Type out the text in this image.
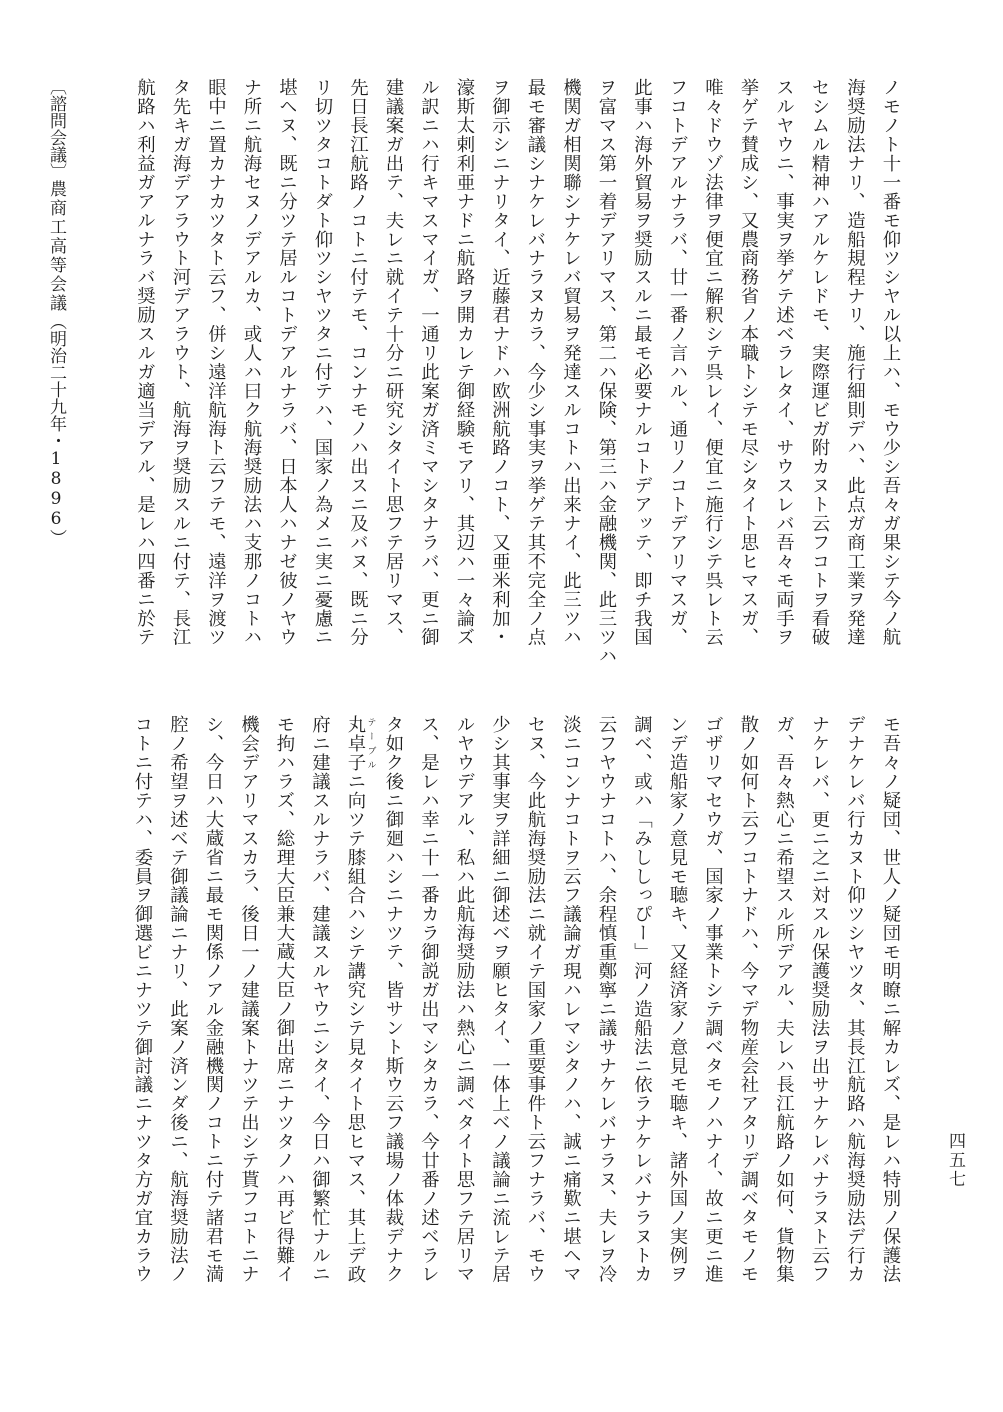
〔諮問会議〕農商工高等会議（明治二十九年・1896）	ノモノト十一番モ仰ツシヤル以上ハ、モウ少シ吾々ガ果シテ今ノ航
海奨励法ナリ、造船規程ナリ、施行細則デハ、此点ガ商工業ヲ発達
セシムル精神ハアルケレドモ、実際運ビガ附カヌト云フコトヲ看破
スルヤウニ、事実ヲ挙ゲテ述ベラレタイ、サウスレバ吾々モ両手ヲ
挙ゲテ賛成シ、又農商務省ノ本職トシテモ尽シタイト思ヒマスガ、
唯々ドウゾ法律ヲ便宜ニ解釈シテ呉レイ、便宜ニ施行シテ呉レト云
フコトデアルナラバ、廿一番ノ言ハル、通リノコトデアリマスガ、
此事ハ海外貿易ヲ奨励スルニ最モ必要ナルコトデアッテ、即チ我国
ヲ富マス第一着デアリマス、第二ハ保険、第三ハ金融機関、此三ツハ
機関ガ相関聯シナケレバ貿易ヲ発達スルコトハ出来ナイ、此三ツハ
最モ審議シナケレバナラヌカラ、今少シ事実ヲ挙ゲテ其不完全ノ点
ヲ御示シニナリタイ、近藤君ナドハ欧洲航路ノコト、又亜米利加・
濠斯太剌利亜ナドニ航路ヲ開カレテ御経験モアリ、其辺ハ一々論ズ
ル訳ニハ行キマスマイガ、一通リ此案ガ済ミマシタナラバ、更ニ御
建議案ガ出テ、夫レニ就イテ十分ニ研究シタイト思フテ居リマス、
先日長江航路ノコトニ付テモ、コンナモノハ出スニ及バヌ、既ニ分
リ切ツタコトダト仰ツシヤツタニ付テハ、国家ノ為メニ実ニ憂慮ニ
堪ヘヌ、既ニ分ツテ居ルコトデアルナラバ、日本人ハナゼ彼ノヤウ
ナ所ニ航海セヌノデアルカ、或人ハ曰ク航海奨励法ハ支那ノコトハ
眼中ニ置カナカツタト云フ、併シ遠洋航海ト云フテモ、遠洋ヲ渡ツ
タ先キガ海デアラウト河デアラウト、航海ヲ奨励スルニ付テ、長江
航路ハ利益ガアルナラバ奨励スルガ適当デアル、是レハ四番ニ於テ
モ吾々ノ疑団、世人ノ疑団モ明瞭ニ解カレズ、是レハ特別ノ保護法
デナケレバ行カヌト仰ツシヤツタ、其長江航路ハ航海奨励法デ行カ
ナケレバ、更ニ之ニ対スル保護奨励法ヲ出サナケレバナラヌト云フ
ガ、吾々熱心ニ希望スル所デアル、夫レハ長江航路ノ如何、貨物集
散ノ如何ト云フコトナドハ、今マデ物産会社アタリデ調ベタモノモ
ゴザリマセウガ、国家ノ事業トシテ調ベタモノハナイ、故ニ更ニ進
ンデ造船家ノ意見モ聴キ、又経済家ノ意見モ聴キ、諸外国ノ実例ヲ
調ベ、或ハ「みししっぴー」河ノ造船法ニ依ラナケレバナラヌトカ
云フヤウナコトハ、余程慎重鄭寧ニ議サナケレバナラヌ、夫レヲ冷
淡ニコンナコトヲ云フ議論ガ現ハレマシタノハ、誠ニ痛歎ニ堪ヘマ
セヌ、今此航海奨励法ニ就イテ国家ノ重要事件ト云フナラバ、モウ
少シ其事実ヲ詳細ニ御述ベヲ願ヒタイ、一体上ベノ議論ニ流レテ居
ルヤウデアル、私ハ此航海奨励法ハ熱心ニ調ベタイト思フテ居リマ
ス、是レハ幸ニ十一番カラ御説ガ出マシタカラ、今廿番ノ述ベラレ
タ如ク後ニ御廻ハシニナツテ、皆サント斯ウ云フ議場ノ体裁デナク
丸卓子 テーブルニ向ツテ膝組合ハシテ講究シテ見タイト思ヒマス、其上デ政
府ニ建議スルナラバ、建議スルヤウニシタイ、今日ハ御繁忙ナルニ
モ拘ハラズ、総理大臣兼大蔵大臣ノ御出席ニナツタノハ再ビ得難イ
機会デアリマスカラ、後日一ノ建議案トナツテ出シテ貰フコトニナ
シ、今日ハ大蔵省ニ最モ関係ノアル金融機関ノコトニ付テ諸君モ満
腔ノ希望ヲ述ベテ御議論ニナリ、此案ノ済ンダ後ニ、航海奨励法ノ
コトニ付テハ、委員ヲ御選ビニナツテ御討議ニナツタ方ガ宜カラウ	四五七
